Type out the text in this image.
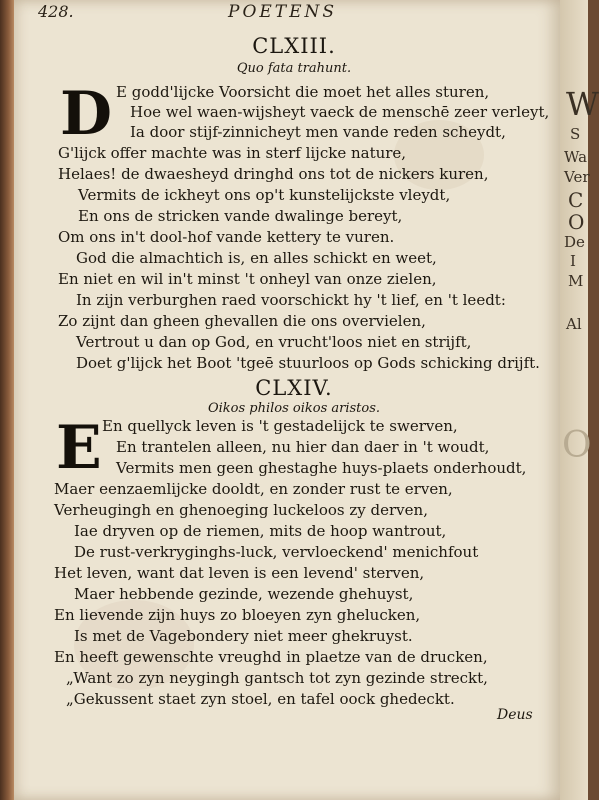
W
S
Wa
Ver
C
O
De
I
M
Al
O
428.	POETENS
CLXIII.
Quo fata trahunt.
D E godd'lijcke Voorsicht die moet het alles sturen,
Hoe wel waen-wijsheyt vaeck de menschē zeer verleyt,
Ia door stijf-zinnicheyt men vande reden scheydt,
G'lijck offer machte was in sterf lijcke nature,
Helaes! de dwaesheyd dringhd ons tot de nickers kuren,
Vermits de ickheyt ons op't kunstelijckste vleydt,
En ons de stricken vande dwalinge bereyt,
Om ons in't dool-hof vande kettery te vuren.
God die almachtich is, en alles schickt en weet,
En niet en wil in't minst 't onheyl van onze zielen,
In zijn verburghen raed voorschickt hy 't lief, en 't leedt:
Zo zijnt dan gheen ghevallen die ons overvielen,
Vertrout u dan op God, en vrucht'loos niet en strijft,
Doet g'lijck het Boot 'tgeē stuurloos op Gods schicking drijft.
CLXIV.
Oikos philos oikos aristos.
E En quellyck leven is 't gestadelijck te swerven,
En trantelen alleen, nu hier dan daer in 't woudt,
Vermits men geen ghestaghe huys-plaets onderhoudt,
Maer eenzaemlijcke dooldt, en zonder rust te erven,
Verheugingh en ghenoeging luckeloos zy derven,
Iae dryven op de riemen, mits de hoop wantrout,
De rust-verkryginghs-luck, vervloeckend' menichfout
Het leven, want dat leven is een levend' sterven,
Maer hebbende gezinde, wezende ghehuyst,
En lievende zijn huys zo bloeyen zyn ghelucken,
Is met de Vagebondery niet meer ghekruyst.
En heeft gewenschte vreughd in plaetze van de drucken,
„Want zo zyn neygingh gantsch tot zyn gezinde streckt,
„Gekussent staet zyn stoel, en tafel oock ghedeckt.
Deus
